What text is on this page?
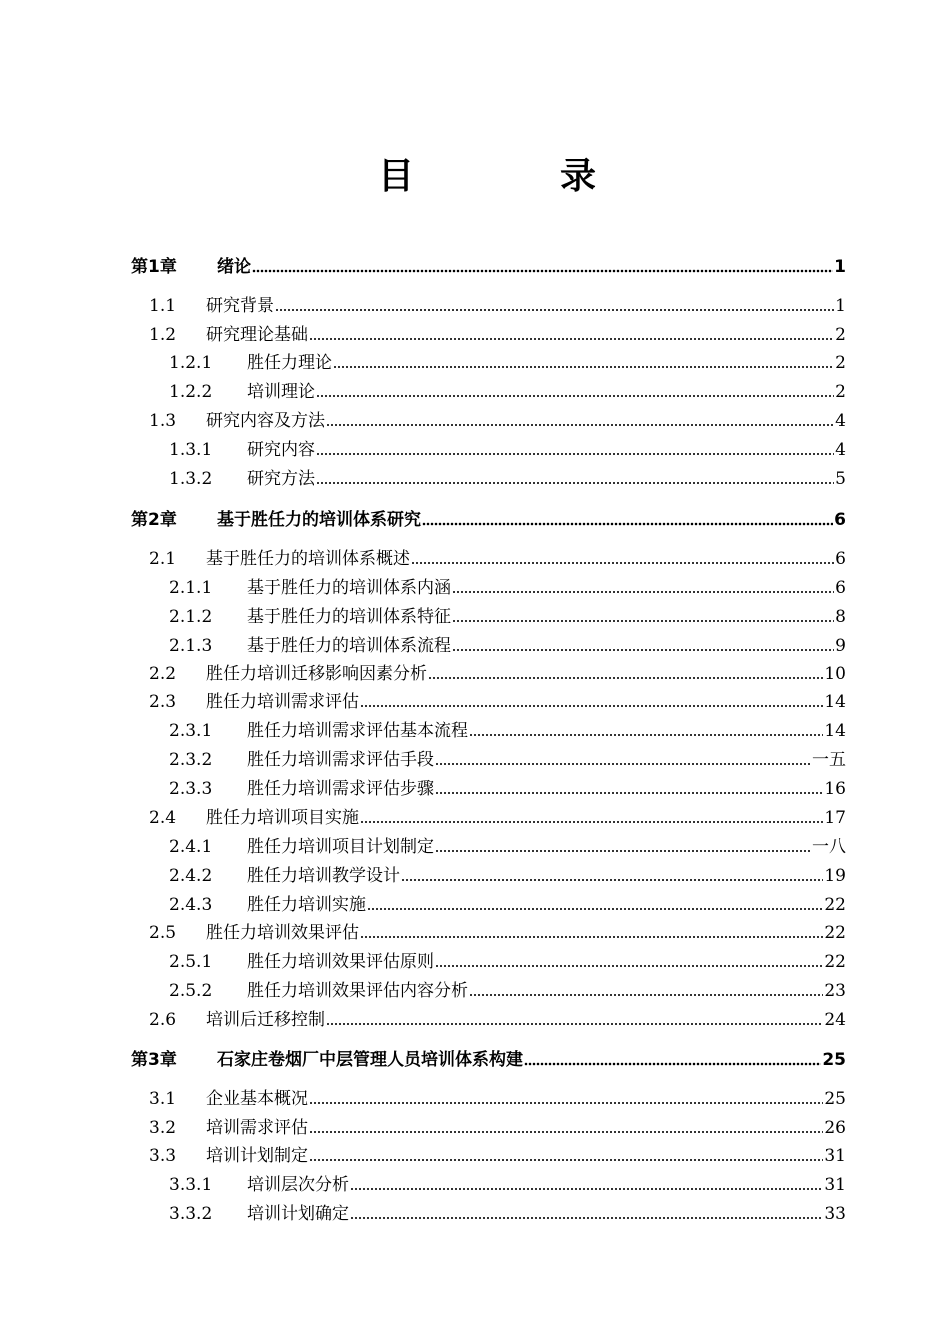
目	录
第1章	绪论	1
1.1	研究背景	1
1.2	研究理论基础	2
1.2.1	胜任力理论	2
1.2.2	培训理论	2
1.3	研究内容及方法	4
1.3.1	研究内容	4
1.3.2	研究方法	5
第2章	基于胜任力的培训体系研究	6
2.1	基于胜任力的培训体系概述	6
2.1.1	基于胜任力的培训体系内涵	6
2.1.2	基于胜任力的培训体系特征	8
2.1.3	基于胜任力的培训体系流程	9
2.2	胜任力培训迁移影响因素分析	10
2.3	胜任力培训需求评估	14
2.3.1	胜任力培训需求评估基本流程	14
2.3.2	胜任力培训需求评估手段	一五
2.3.3	胜任力培训需求评估步骤	16
2.4	胜任力培训项目实施	17
2.4.1	胜任力培训项目计划制定	一八
2.4.2	胜任力培训教学设计	19
2.4.3	胜任力培训实施	22
2.5	胜任力培训效果评估	22
2.5.1	胜任力培训效果评估原则	22
2.5.2	胜任力培训效果评估内容分析	23
2.6	培训后迁移控制	24
第3章	石家庄卷烟厂中层管理人员培训体系构建	25
3.1	企业基本概况	25
3.2	培训需求评估	26
3.3	培训计划制定	31
3.3.1	培训层次分析	31
3.3.2	培训计划确定	33
